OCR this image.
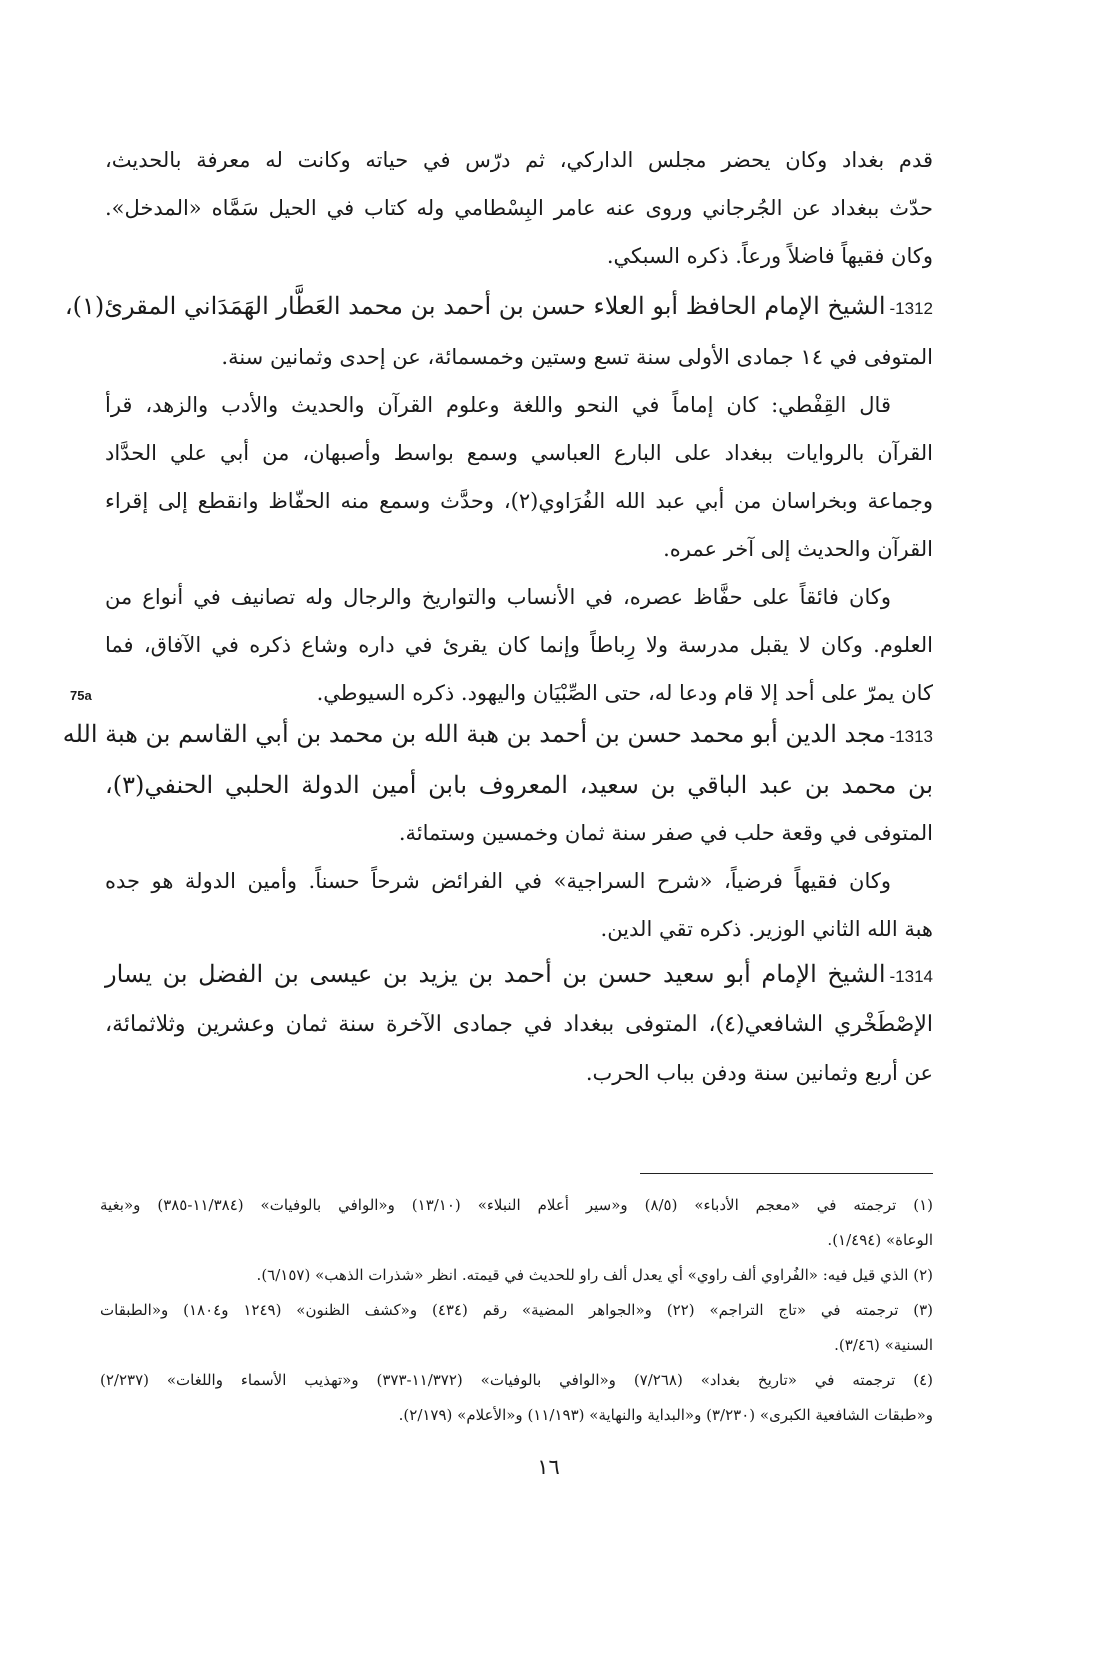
قدم بغداد وكان يحضر مجلس الداركي، ثم درّس في حياته وكانت له معرفة بالحديث،
حدّث ببغداد عن الجُرجاني وروى عنه عامر البِسْطامي وله كتاب في الحيل سَمَّاه «المدخل».
وكان فقيهاً فاضلاً ورعاً. ذكره السبكي.

1312-الشيخ الإمام الحافظ أبو العلاء حسن بن أحمد بن محمد العَطَّار الهَمَدَاني المقرئ(١)،
المتوفى في ١٤ جمادى الأولى سنة تسع وستين وخمسمائة، عن إحدى وثمانين سنة.

قال القِفْطي: كان إماماً في النحو واللغة وعلوم القرآن والحديث والأدب والزهد، قرأ
القرآن بالروايات ببغداد على البارع العباسي وسمع بواسط وأصبهان، من أبي علي الحدَّاد
وجماعة وبخراسان من أبي عبد الله الفُرَاوي(٢)، وحدَّث وسمع منه الحفّاظ وانقطع إلى إقراء
القرآن والحديث إلى آخر عمره.

وكان فائقاً على حفَّاظ عصره، في الأنساب والتواريخ والرجال وله تصانيف في أنواع من
العلوم. وكان لا يقبل مدرسة ولا رِباطاً وإنما كان يقرئ في داره وشاع ذكره في الآفاق، فما
كان يمرّ على أحد إلا قام ودعا له، حتى الصِّبْيَان واليهود. ذكره السيوطي.

75a

1313-مجد الدين أبو محمد حسن بن أحمد بن هبة الله بن محمد بن أبي القاسم بن هبة الله
بن محمد بن عبد الباقي بن سعيد، المعروف بابن أمين الدولة الحلبي الحنفي(٣)،
المتوفى في وقعة حلب في صفر سنة ثمان وخمسين وستمائة.

وكان فقيهاً فرضياً، «شرح السراجية» في الفرائض شرحاً حسناً. وأمين الدولة هو جده
هبة الله الثاني الوزير. ذكره تقي الدين.

1314-الشيخ الإمام أبو سعيد حسن بن أحمد بن يزيد بن عيسى بن الفضل بن يسار
الإصْطَخْري الشافعي(٤)، المتوفى ببغداد في جمادى الآخرة سنة ثمان وعشرين وثلاثمائة،
عن أربع وثمانين سنة ودفن بباب الحرب.

(١) ترجمته في «معجم الأدباء» (٨/٥) و«سير أعلام النبلاء» (١٣/١٠) و«الوافي بالوفيات» (١١/٣٨٤-٣٨٥) و«بغية
الوعاة» (١/٤٩٤).
(٢) الذي قيل فيه: «الفُراوي ألف راوي» أي يعدل ألف راو للحديث في قيمته. انظر «شذرات الذهب» (٦/١٥٧).
(٣) ترجمته في «تاج التراجم» (٢٢) و«الجواهر المضية» رقم (٤٣٤) و«كشف الظنون» (١٢٤٩ و١٨٠٤) و«الطبقات
السنية» (٣/٤٦).
(٤) ترجمته في «تاريخ بغداد» (٧/٢٦٨) و«الوافي بالوفيات» (١١/٣٧٢-٣٧٣) و«تهذيب الأسماء واللغات» (٢/٢٣٧)
و«طبقات الشافعية الكبرى» (٣/٢٣٠) و«البداية والنهاية» (١١/١٩٣) و«الأعلام» (٢/١٧٩).
١٦
